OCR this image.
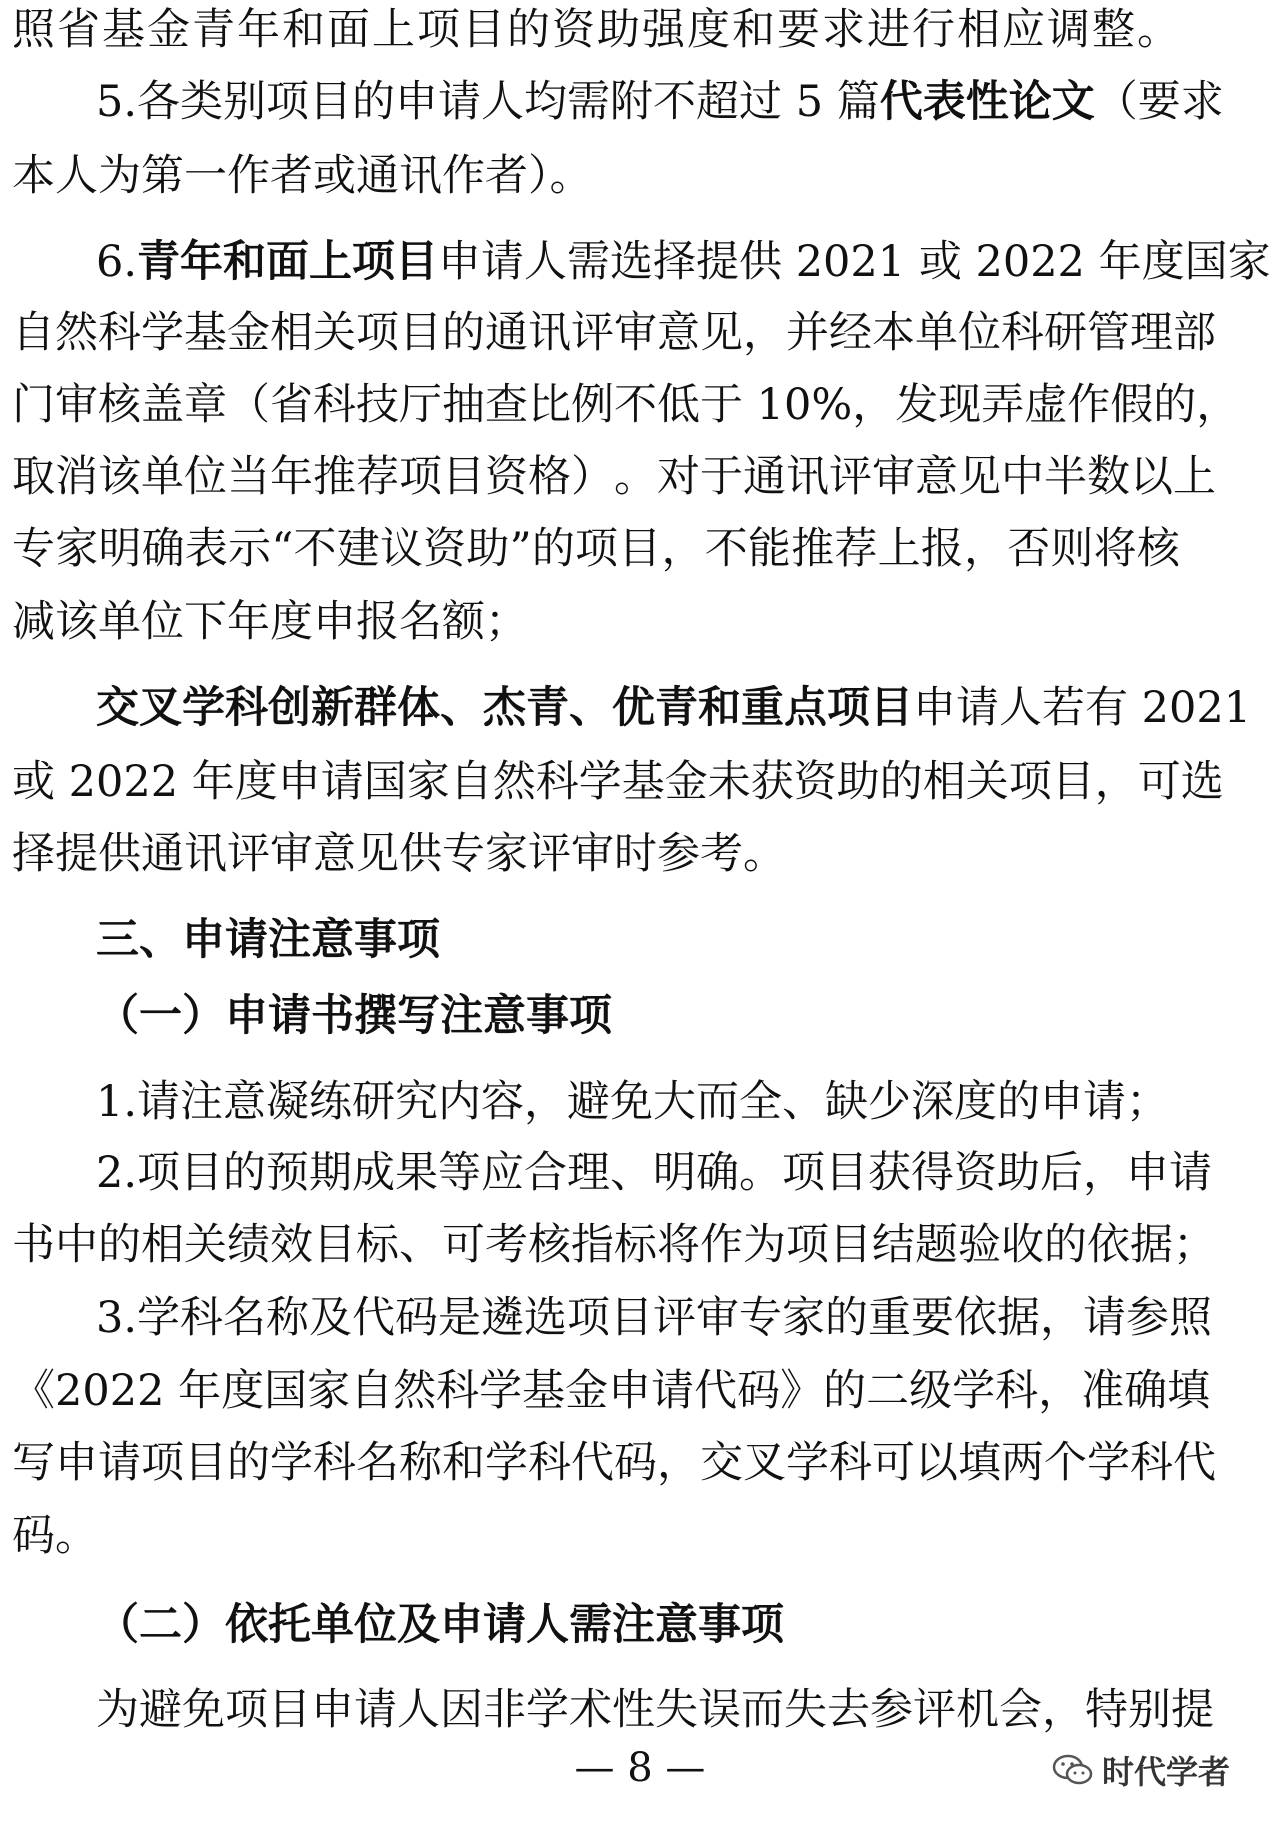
照 省 基 金 青 年 和 面 上 项 目 的 资 助 强 度 和 要 求 进 行 相 应 调 整 。
5. 各 类 别 项 目 的 申 请 人 均 需 附 不 超 过
5
篇 代 表 性 论 文 （ 要 求
本人为第一作者或通讯作者）。
6. 青 年 和 面 上 项 目 申 请 人 需 选 择 提 供
20 21
或
20 22
年 度 国 家
自 然 科 学 基 金 相 关 项 目 的 通 讯 评 审 意 见 ， 并 经 本 单 位 科 研 管 理 部
门 审 核 盖 章 （ 省 科 技 厅 抽 查 比 例 不 低 于
1 0% ， 发 现 弄 虚 作 假 的 ，
取 消 该 单 位 当 年 推 荐 项 目 资 格 ） 。 对 于 通 讯 评 审 意 见 中 半 数 以 上
专 家 明 确 表 示 “ 不 建 议 资 助 ” 的 项 目 ， 不 能 推 荐 上 报 ， 否 则 将 核
减该单位下年度申报名额；
交 叉 学 科 创 新 群 体 、 杰 青 、 优 青 和 重 点 项 目 申 请 人 若 有
20 21
或
20 22
年 度 申 请 国 家 自 然 科 学 基 金 未 获 资 助 的 相 关 项 目 ， 可 选
择提供通讯评审意见供专家评审时参考。
三、申请注意事项
（一）申请书撰写注意事项
1.请注意凝练研究内容，避免大而全、缺少深度的申请；
2. 项 目 的 预 期 成 果 等 应 合 理 、 明 确 。 项 目 获 得 资 助 后 ， 申 请
书 中 的 相 关 绩 效 目 标 、 可 考 核 指 标 将 作 为 项 目 结 题 验 收 的 依 据 ；
3. 学 科 名 称 及 代 码 是 遴 选 项 目 评 审 专 家 的 重 要 依 据 ， 请 参 照
《 20 22
年 度 国 家 自 然 科 学 基 金 申 请 代 码 》 的 二 级 学 科 ， 准 确 填
写 申 请 项 目 的 学 科 名 称 和 学 科 代 码 ， 交 叉 学 科 可 以 填 两 个 学 科 代
码。
（二）依托单位及申请人需注意事项
为 避 免 项 目 申 请 人 因 非 学 术 性 失 误 而 失 去 参 评 机 会 ， 特 别 提
— 8 —	时代学者
